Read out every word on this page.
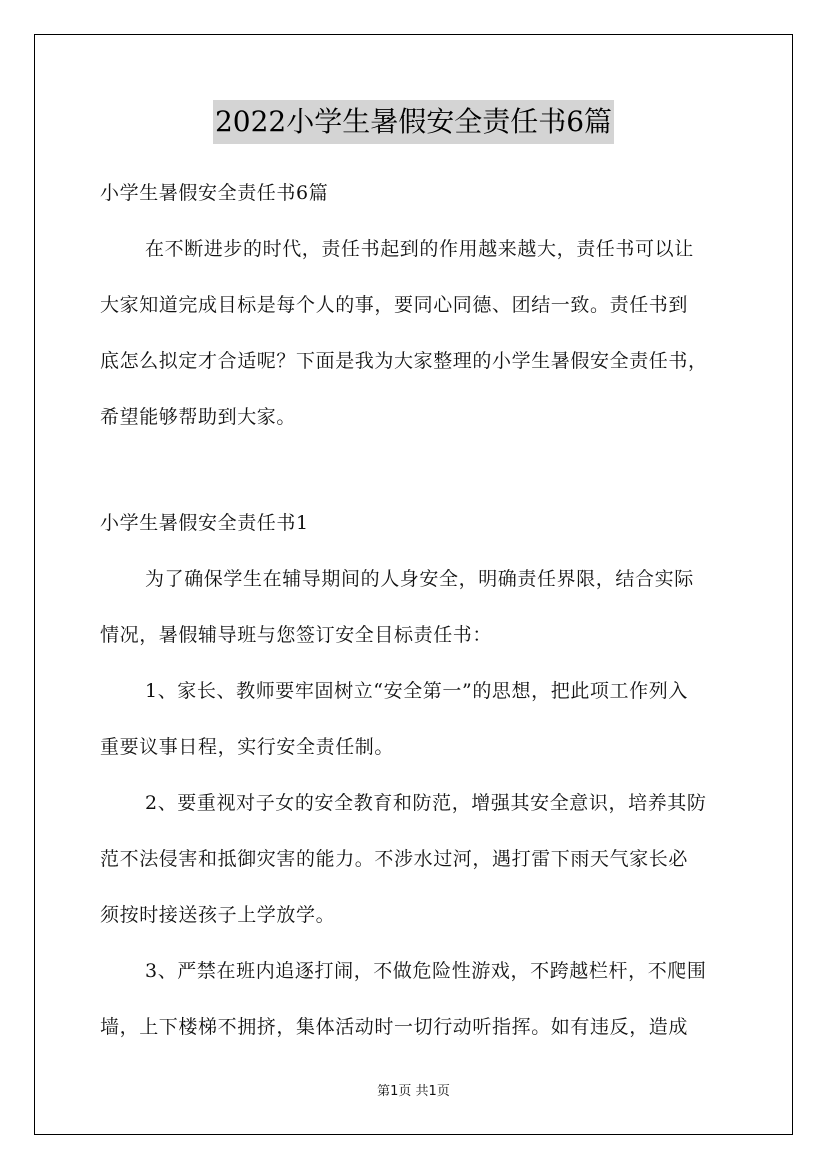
2022小学生暑假安全责任书6篇
小学生暑假安全责任书6篇
在不断进步的时代，责任书起到的作用越来越大，责任书可以让
大家知道完成目标是每个人的事，要同心同德、团结一致。责任书到
底怎么拟定才合适呢？下面是我为大家整理的小学生暑假安全责任书，
希望能够帮助到大家。
小学生暑假安全责任书1
为了确保学生在辅导期间的人身安全，明确责任界限，结合实际
情况，暑假辅导班与您签订安全目标责任书：
1、家长、教师要牢固树立“安全第一”的思想，把此项工作列入
重要议事日程，实行安全责任制。
2、要重视对子女的安全教育和防范，增强其安全意识，培养其防
范不法侵害和抵御灾害的能力。不涉水过河，遇打雷下雨天气家长必
须按时接送孩子上学放学。
3、严禁在班内追逐打闹，不做危险性游戏，不跨越栏杆，不爬围
墙，上下楼梯不拥挤，集体活动时一切行动听指挥。如有违反，造成
第1页 共1页
